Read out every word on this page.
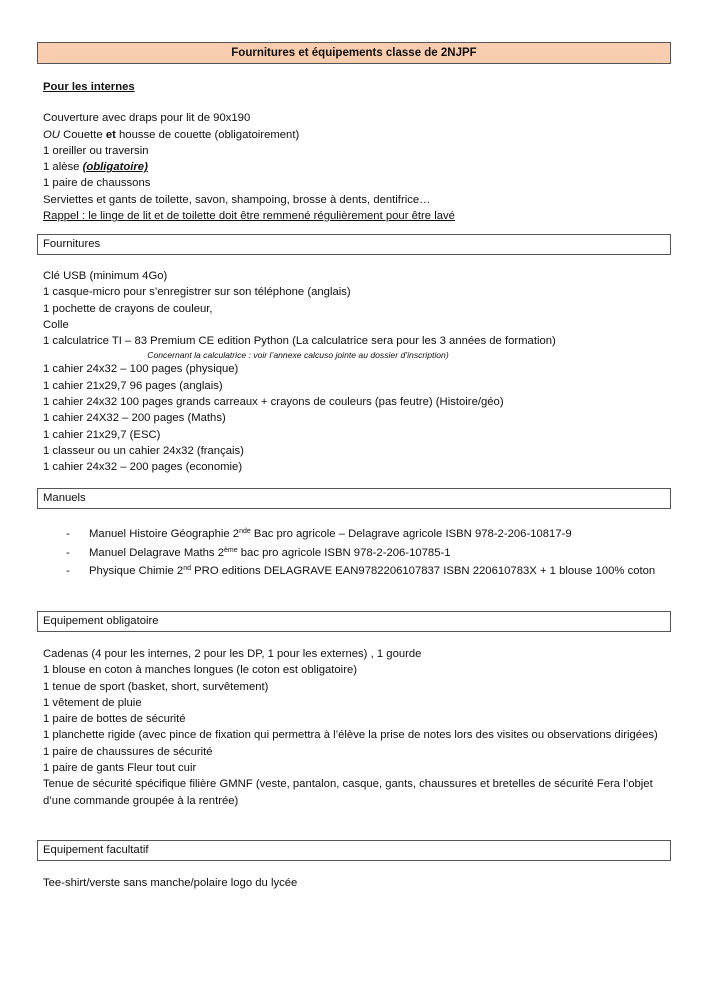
Fournitures et équipements classe de 2NJPF
Pour les internes
Couverture avec draps pour lit de 90x190
OU Couette et housse de couette (obligatoirement)
1 oreiller ou traversin
1 alèse (obligatoire)
1 paire de chaussons
Serviettes et gants de toilette, savon, shampoing, brosse à dents, dentifrice…
Rappel : le linge de lit et de toilette doit être remmené régulièrement pour être lavé
Fournitures
Clé USB (minimum 4Go)
1 casque-micro pour s’enregistrer sur son téléphone (anglais)
1 pochette de crayons de couleur,
Colle
1 calculatrice TI – 83 Premium CE edition Python (La calculatrice sera pour les 3 années de formation)
Concernant la calculatrice : voir l’annexe calcuso jointe au dossier d’inscription)
1 cahier 24x32 – 100 pages (physique)
1 cahier 21x29,7 96 pages (anglais)
1 cahier 24x32 100 pages grands carreaux + crayons de couleurs (pas feutre) (Histoire/géo)
1 cahier 24X32 – 200 pages (Maths)
1 cahier 21x29,7 (ESC)
1 classeur ou un cahier 24x32 (français)
1 cahier 24x32 – 200 pages (economie)
Manuels
- Manuel Histoire Géographie 2nde Bac pro agricole – Delagrave agricole ISBN 978-2-206-10817-9
- Manuel Delagrave Maths 2ème bac pro agricole ISBN 978-2-206-10785-1
- Physique Chimie 2nd PRO editions DELAGRAVE EAN9782206107837 ISBN 220610783X + 1 blouse 100% coton
Equipement obligatoire
Cadenas (4 pour les internes, 2 pour les DP, 1 pour les externes) , 1 gourde
1 blouse en coton à manches longues (le coton est obligatoire)
1 tenue de sport (basket, short, survêtement)
1 vêtement de pluie
1 paire de bottes de sécurité
1 planchette rigide (avec pince de fixation qui permettra à l’élève la prise de notes lors des visites ou observations dirigées)
1 paire de chaussures de sécurité
1 paire de gants Fleur tout cuir
Tenue de sécurité spécifique filière GMNF (veste, pantalon, casque, gants, chaussures et bretelles de sécurité Fera l’objet d’une commande groupée à la rentrée)
Equipement facultatif
Tee-shirt/verste sans manche/polaire logo du lycée
